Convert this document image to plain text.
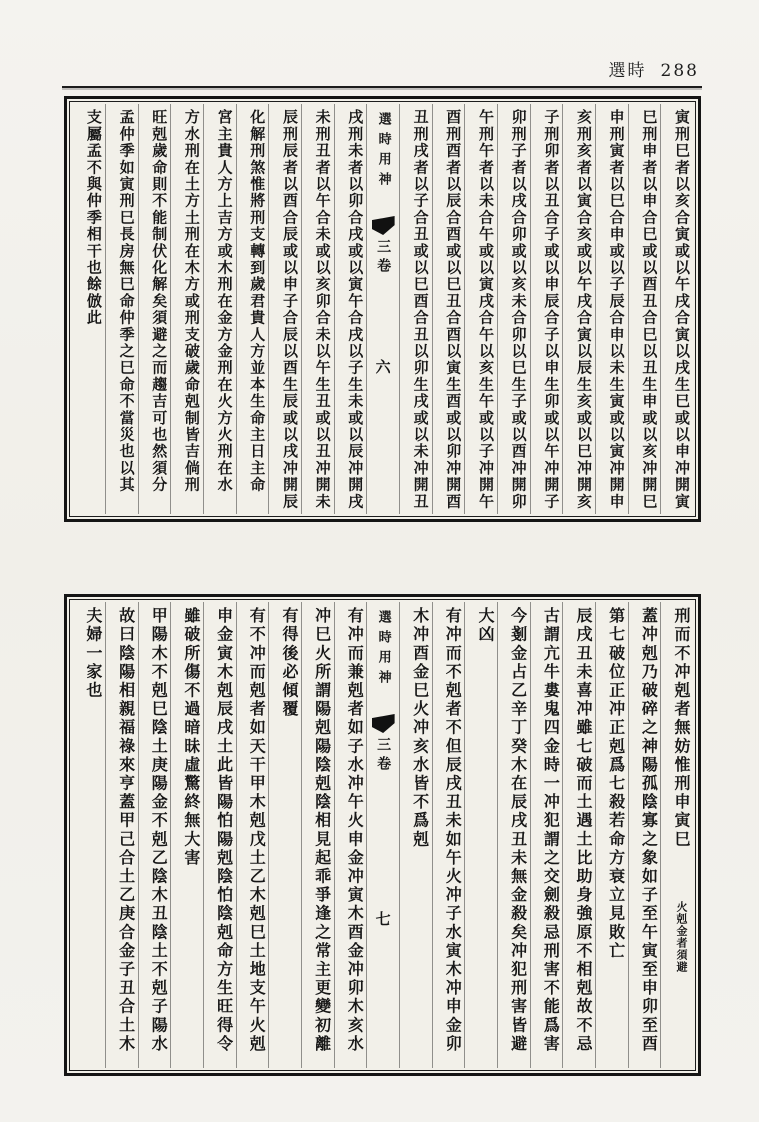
選時 288
寅刑巳者以亥合寅或以午戌合寅以戌生巳或以申冲開寅
巳刑申者以申合巳或以酉丑合巳以丑生申或以亥冲開巳
申刑寅者以巳合申或以子辰合申以未生寅或以寅冲開申
亥刑亥者以寅合亥或以午戌合寅以辰生亥或以巳冲開亥
子刑卯者以丑合子或以申辰合子以申生卯或以午冲開子
卯刑子者以戌合卯或以亥未合卯以巳生子或以酉冲開卯
午刑午者以未合午或以寅戌合午以亥生午或以子冲開午
酉刑酉者以辰合酉或以巳丑合酉以寅生酉或以卯冲開酉
丑刑戌者以子合丑或以巳酉合丑以卯生戌或以未冲開丑
選時用神
三卷
六
戌刑未者以卯合戌或以寅午合戌以子生未或以辰冲開戌
未刑丑者以午合未或以亥卯合未以午生丑或以丑冲開未
辰刑辰者以酉合辰或以申子合辰以酉生辰或以戌冲開辰
化解刑煞惟將刑支轉到歲君貴人方並本生命主日主命
宮主貴人方上吉方或木刑在金方金刑在火方火刑在水
方水刑在土方土刑在木方或刑支破歲命剋制皆吉倘刑
旺剋歲命則不能制伏化解矣須避之而趨吉可也然須分
孟仲季如寅刑巳長房無巳命仲季之巳命不當災也以其
支屬孟不與仲季相干也餘倣此
刑而不冲剋者無妨惟刑申寅巳火剋金者須避
蓋冲剋乃破碎之神陽孤陰寡之象如子至午寅至申卯至酉
第七破位正冲正剋爲七殺若命方衰立見敗亡
辰戌丑未喜冲雖七破而土遇土比助身強原不相剋故不忌
古謂亢牛婁鬼四金時一冲犯謂之交劍殺忌刑害不能爲害
今剗金占乙辛丁癸木在辰戌丑未無金殺矣冲犯刑害皆避
大凶
有冲而不剋者不但辰戌丑未如午火冲子水寅木冲申金卯
木冲酉金巳火冲亥水皆不爲剋
選時用神
三卷
七
有冲而兼剋者如子水冲午火申金冲寅木酉金冲卯木亥水
冲巳火所謂陽剋陽陰剋陰相見起乖爭逢之常主更變初離
有得後必傾覆
有不冲而剋者如天干甲木剋戊土乙木剋巳土地支午火剋
申金寅木剋辰戌土此皆陽怕陽剋陰怕陰剋命方生旺得令
雖破所傷不過暗昧虛驚終無大害
甲陽木不剋巳陰土庚陽金不剋乙陰木丑陰土不剋子陽水
故曰陰陽相親福祿來亨蓋甲己合土乙庚合金子丑合土木
夫婦一家也
